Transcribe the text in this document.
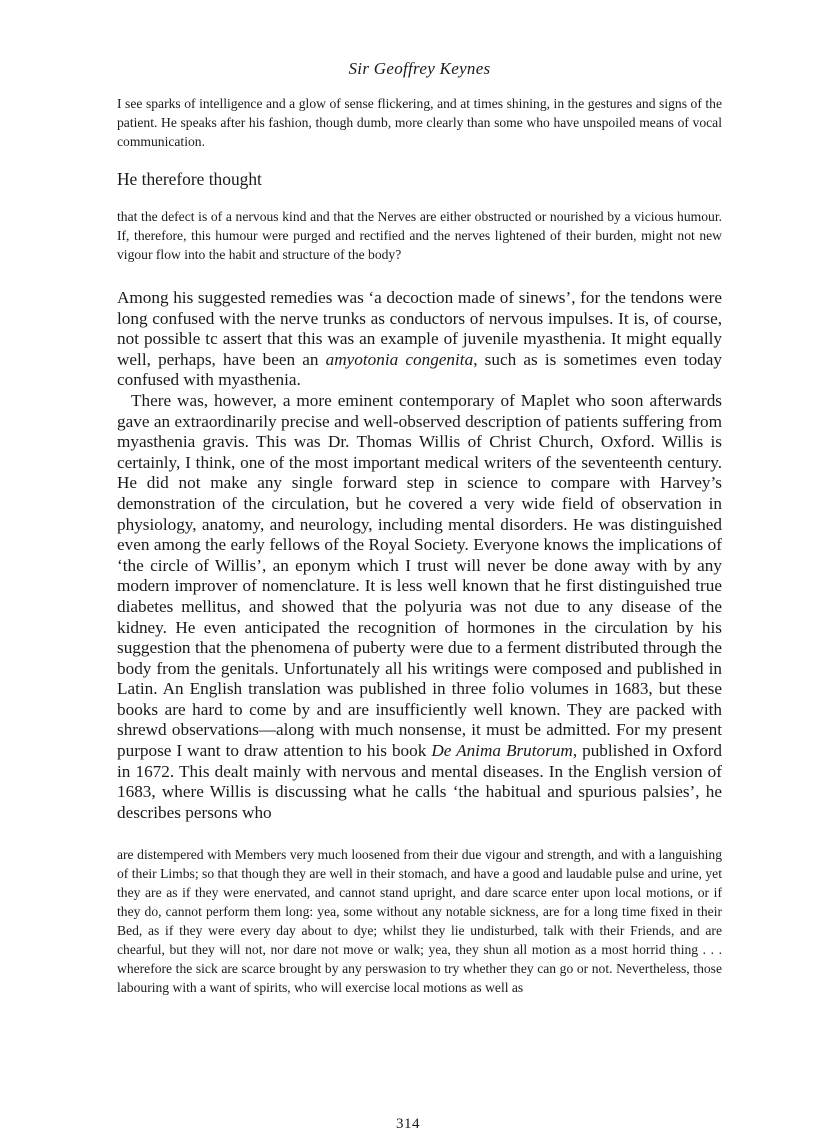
Sir Geoffrey Keynes

I see sparks of intelligence and a glow of sense flickering, and at times shining, in the gestures and signs of the patient. He speaks after his fashion, though dumb, more clearly than some who have unspoiled means of vocal communication.

He therefore thought

that the defect is of a nervous kind and that the Nerves are either obstructed or nourished by a vicious humour. If, therefore, this humour were purged and rectified and the nerves lightened of their burden, might not new vigour flow into the habit and structure of the body?

Among his suggested remedies was ‘a decoction made of sinews’, for the tendons were long confused with the nerve trunks as conductors of nervous impulses. It is, of course, not possible tc assert that this was an example of juvenile myasthenia. It might equally well, perhaps, have been an amyotonia congenita, such as is sometimes even today confused with myasthenia.

There was, however, a more eminent contemporary of Maplet who soon afterwards gave an extraordinarily precise and well-observed description of patients suffering from myasthenia gravis. This was Dr. Thomas Willis of Christ Church, Oxford. Willis is certainly, I think, one of the most important medical writers of the seventeenth century. He did not make any single forward step in science to compare with Harvey’s demonstration of the circulation, but he covered a very wide field of observation in physiology, anatomy, and neurology, including mental disorders. He was distinguished even among the early fellows of the Royal Society. Everyone knows the implications of ‘the circle of Willis’, an eponym which I trust will never be done away with by any modern improver of nomenclature. It is less well known that he first distinguished true diabetes mellitus, and showed that the polyuria was not due to any disease of the kidney. He even anticipated the recognition of hormones in the circulation by his suggestion that the phenomena of puberty were due to a ferment distributed through the body from the genitals. Unfortunately all his writings were composed and published in Latin. An English translation was published in three folio volumes in 1683, but these books are hard to come by and are insufficiently well known. They are packed with shrewd observations—along with much nonsense, it must be admitted. For my present purpose I want to draw attention to his book De Anima Brutorum, published in Oxford in 1672. This dealt mainly with nervous and mental diseases. In the English version of 1683, where Willis is discussing what he calls ‘the habitual and spurious palsies’, he describes persons who

are distempered with Members very much loosened from their due vigour and strength, and with a languishing of their Limbs; so that though they are well in their stomach, and have a good and laudable pulse and urine, yet they are as if they were enervated, and cannot stand upright, and dare scarce enter upon local motions, or if they do, cannot perform them long: yea, some without any notable sickness, are for a long time fixed in their Bed, as if they were every day about to dye; whilst they lie undisturbed, talk with their Friends, and are chearful, but they will not, nor dare not move or walk; yea, they shun all motion as a most horrid thing . . . wherefore the sick are scarce brought by any perswasion to try whether they can go or not. Nevertheless, those labouring with a want of spirits, who will exercise local motions as well as

314
